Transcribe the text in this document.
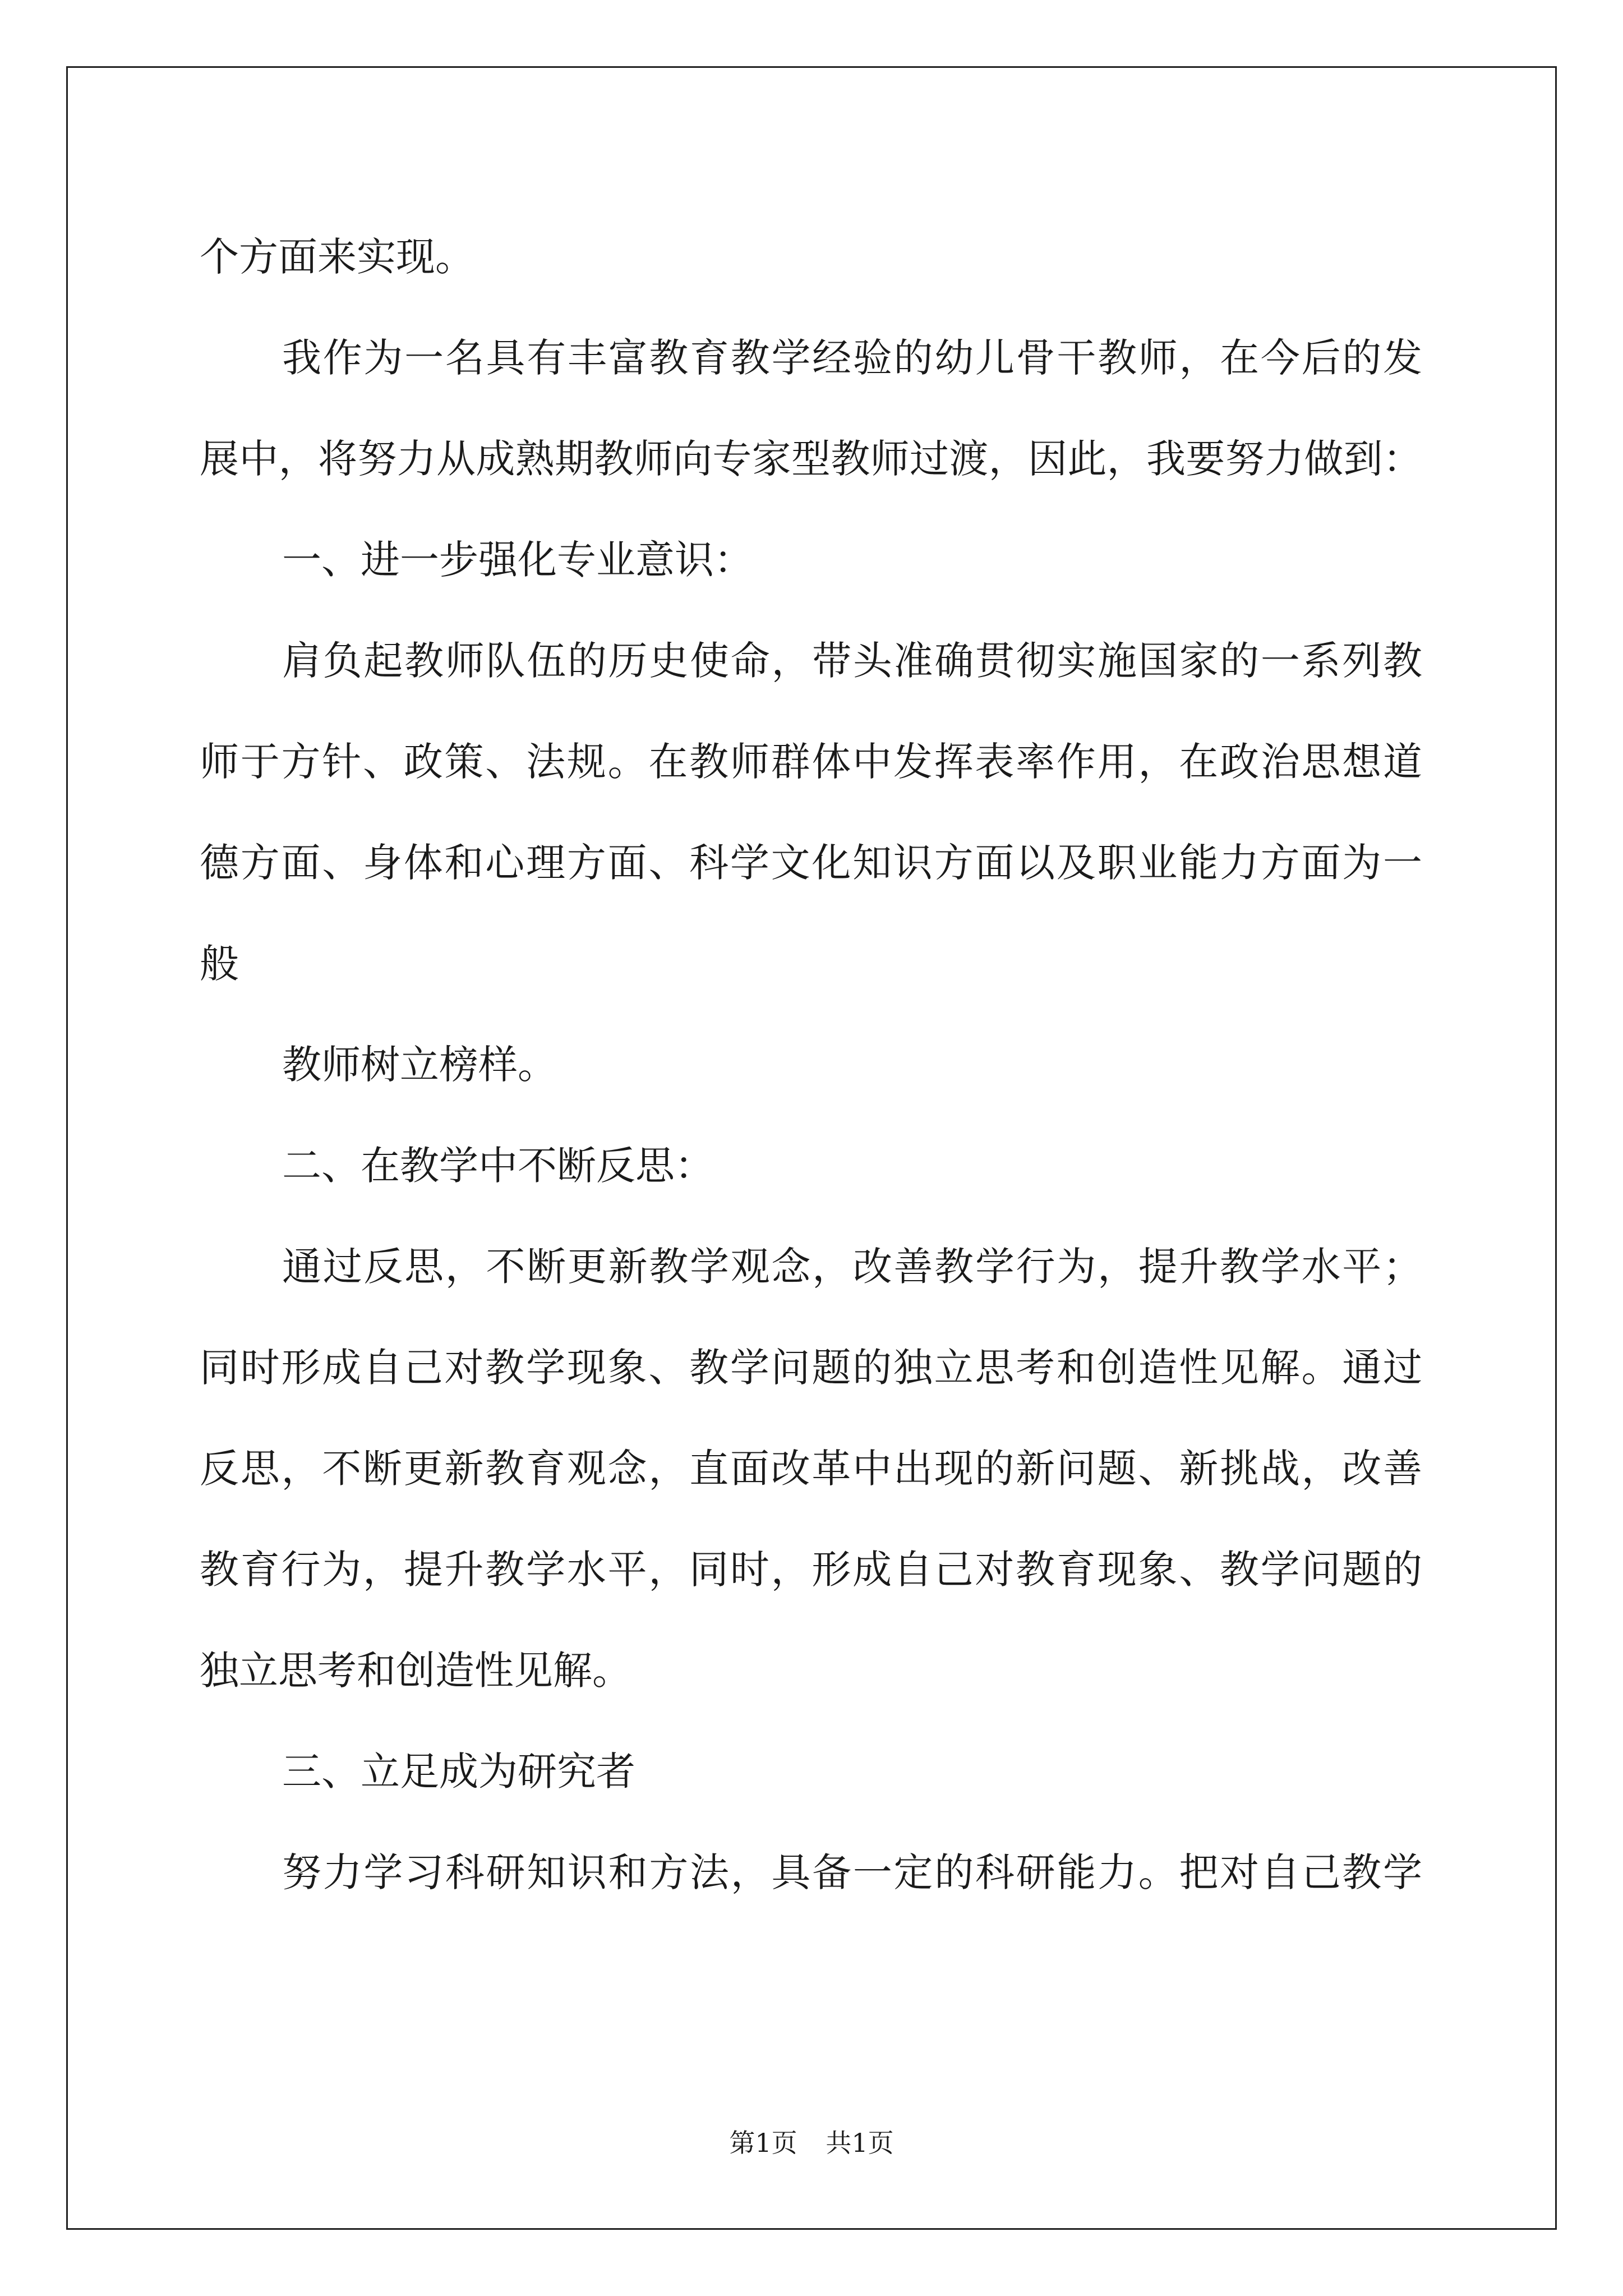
个方面来实现。
我作为一名具有丰富教育教学经验的幼儿骨干教师，在今后的发
展中，将努力从成熟期教师向专家型教师过渡，因此，我要努力做到：
一、进一步强化专业意识：
肩负起教师队伍的历史使命，带头准确贯彻实施国家的一系列教
师于方针、政策、法规。在教师群体中发挥表率作用，在政治思想道
德方面、身体和心理方面、科学文化知识方面以及职业能力方面为一
般
教师树立榜样。
二、在教学中不断反思：
通过反思，不断更新教学观念，改善教学行为，提升教学水平；
同时形成自己对教学现象、教学问题的独立思考和创造性见解。通过
反思，不断更新教育观念，直面改革中出现的新问题、新挑战，改善
教育行为，提升教学水平，同时，形成自己对教育现象、教学问题的
独立思考和创造性见解。
三、立足成为研究者
努力学习科研知识和方法，具备一定的科研能力。把对自己教学
第1页 共1页
